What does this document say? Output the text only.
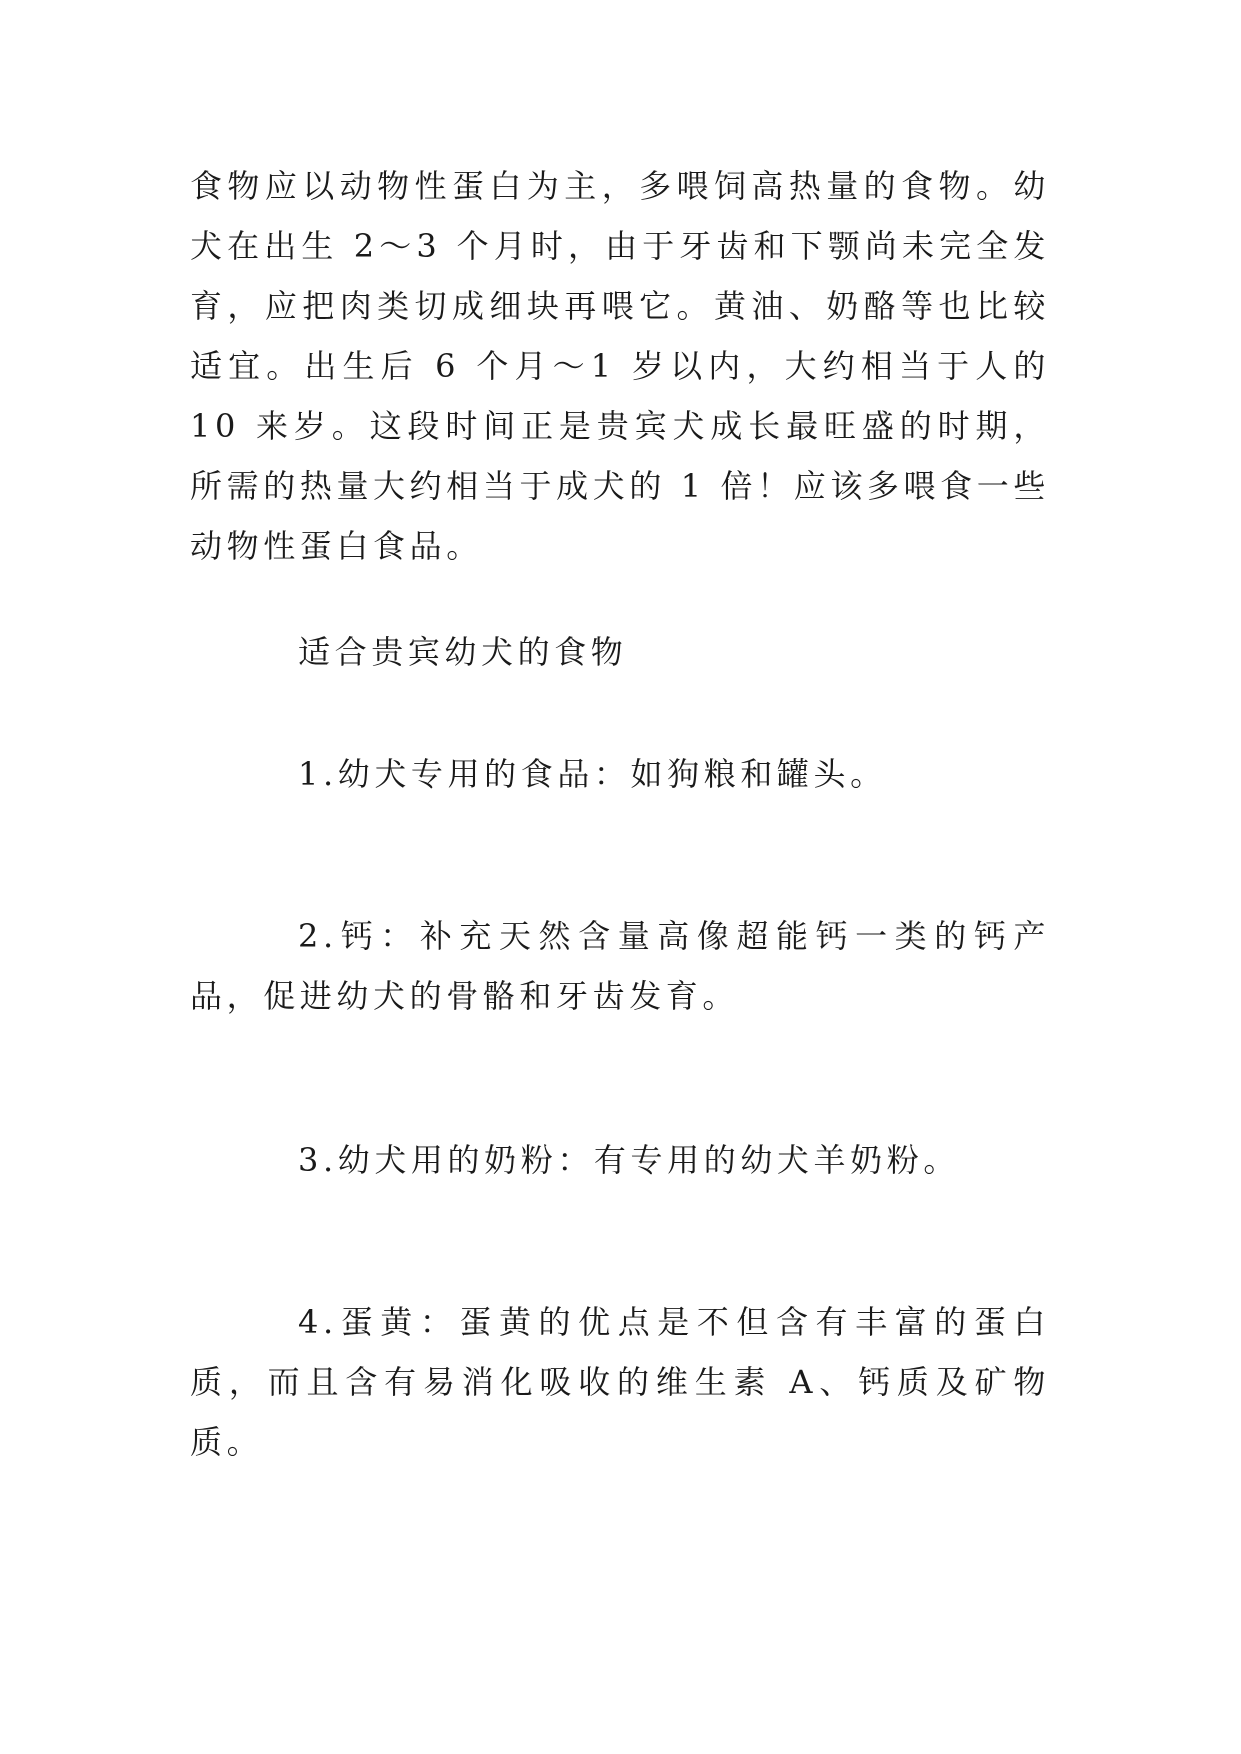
食物应以动物性蛋白为主，多喂饲高热量的食物。幼犬在出生 2～3 个月时，由于牙齿和下颚尚未完全发育，应把肉类切成细块再喂它。黄油、奶酪等也比较适宜。出生后 6 个月～1 岁以内，大约相当于人的 10 来岁。这段时间正是贵宾犬成长最旺盛的时期，所需的热量大约相当于成犬的 1 倍！应该多喂食一些动物性蛋白食品。

适合贵宾幼犬的食物

1.幼犬专用的食品：如狗粮和罐头。

2.钙：补充天然含量高像超能钙一类的钙产品，促进幼犬的骨骼和牙齿发育。

3.幼犬用的奶粉：有专用的幼犬羊奶粉。

4.蛋黄：蛋黄的优点是不但含有丰富的蛋白质，而且含有易消化吸收的维生素 A、钙质及矿物质。
